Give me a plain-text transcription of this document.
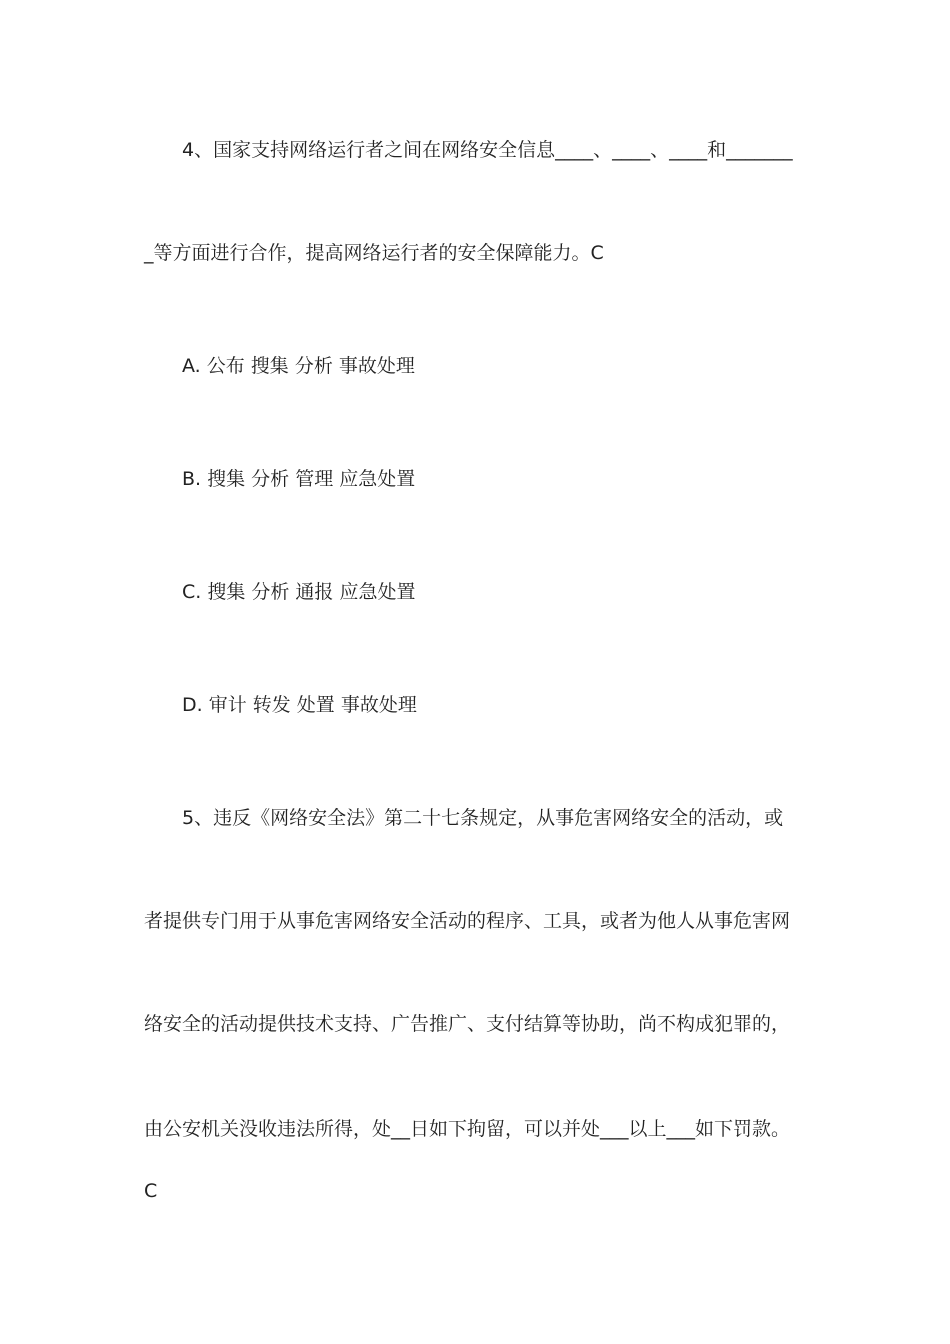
4、国家支持网络运行者之间在网络安全信息____、____、____和_______

_等方面进行合作，提高网络运行者的安全保障能力。C

A. 公布 搜集 分析 事故处理

B. 搜集 分析 管理 应急处置

C. 搜集 分析 通报 应急处置

D. 审计 转发 处置 事故处理

5、违反《网络安全法》第二十七条规定，从事危害网络安全的活动，或

者提供专门用于从事危害网络安全活动的程序、工具，或者为他人从事危害网

络安全的活动提供技术支持、广告推广、支付结算等协助，尚不构成犯罪的，

由公安机关没收违法所得，处__日如下拘留，可以并处___以上___如下罚款。

C
